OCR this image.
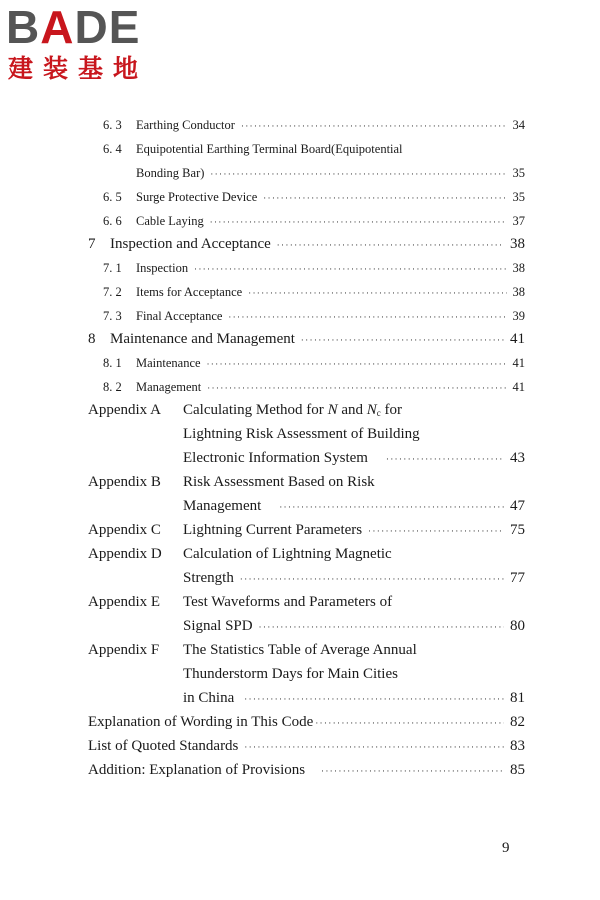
BADE
建装基地
6. 3	Earthing Conductor ·····	34
6. 4	Equipotential Earthing Terminal Board(Equipotential
Bonding Bar) ·····	35
6. 5	Surge Protective Device ·····	35
6. 6	Cable Laying ·····	37
7 Inspection and Acceptance ·····	38
7. 1	Inspection ·····	38
7. 2	Items for Acceptance ·····	38
7. 3	Final Acceptance ·····	39
8 Maintenance and Management ·····	41
8. 1	Maintenance ·····	41
8. 2	Management ·····	41
Appendix A	Calculating Method for N and $N_c$ for
Lightning Risk Assessment of Building
Electronic Information System ·····	43
Appendix B	Risk Assessment Based on Risk
Management ·····	47
Appendix C	Lightning Current Parameters ·····	75
Appendix D	Calculation of Lightning Magnetic
Strength ·····	77
Appendix E	Test Waveforms and Parameters of
Signal SPD ·····	80
Appendix F	The Statistics Table of Average Annual
Thunderstorm Days for Main Cities
in China ·····	81
Explanation of Wording in This Code ·····	82
List of Quoted Standards ·····	83
Addition: Explanation of Provisions ·····	85
9
